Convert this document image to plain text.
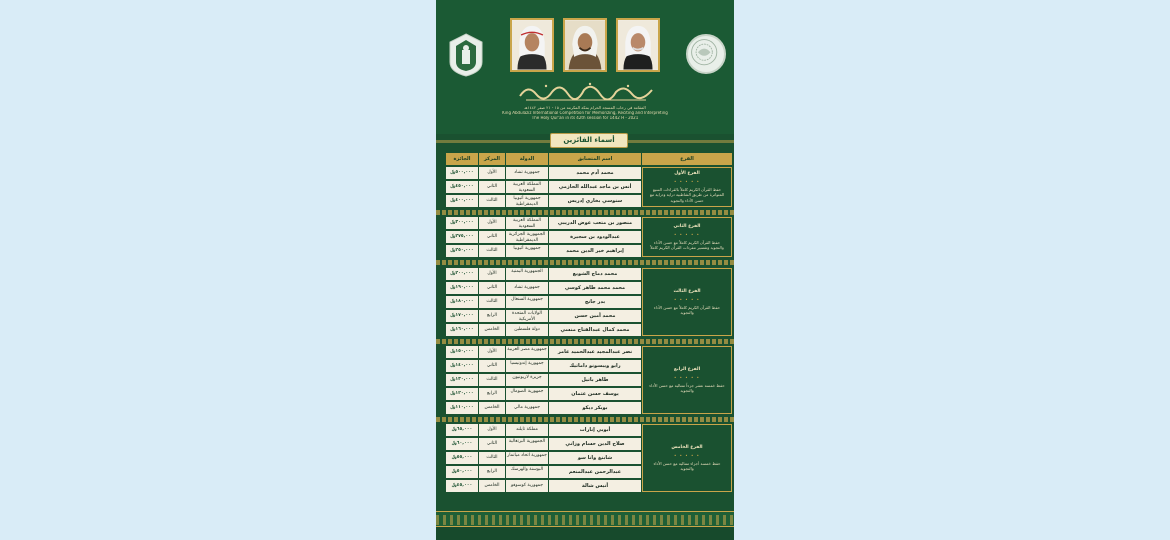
المقامة في رحاب المسجد الحرام بمكة المكرمة من ١٥ - ٢١ صفر ١٤٤٢هـ
King Abdulaziz International Competition for Memorizing, Reciting and Interpreting
The Holy Qur'an in its 42th session for 1442 H - 2021
أسماء الفائزين
الجائزة	المركز	الدولة	اسم المتسابق	الفرع
٥٠٠,٠٠٠﷼	الأول	جمهورية تشاد	محمد آدم محمد
٤٥٠,٠٠٠﷼	الثاني	المملكة العربية السعودية	أنس بن ماجد عبدالله الحازمي
٤٠٠,٠٠٠﷼	الثالث	جمهورية أثيوبيا الديمقراطية	سنوسي بخاري إدريس
الفرع الأول
• • • • •
حفظ القرآن الكريم كاملاً بالقراءات السبع المتواترة من طريق الشاطبية دراية ودراية مع حسن الأداء والتجويد
٣٠٠,٠٠٠﷼	الأول	المملكة العربية السعودية	منصور بن متعب عوض الدريبي
٢٧٥,٠٠٠﷼	الثاني	الجمهورية الجزائرية الديمقراطية	عبدالودود بن سجيرة
٢٥٠,٠٠٠﷼	الثالث	جمهورية أثيوبيا	إبراهيم خير الدين محمد
الفرع الثاني
• • • • •
حفظ القرآن الكريم كاملاً مع حسن الأداء والتجويد وتفسير مفردات القرآن الكريم كاملاً
٢٠٠,٠٠٠﷼	الأول	الجمهورية اليمنية	محمد دماج الشويع
١٩٠,٠٠٠﷼	الثاني	جمهورية تشاد	محمد محمد طاهر كوسي
١٨٠,٠٠٠﷼	الثالث	جمهورية السنغال	بدر جانج
١٧٠,٠٠٠﷼	الرابع	الولايات المتحدة الأمريكية	محمد أمين حسن
١٦٠,٠٠٠﷼	الخامس	دولة فلسطين	محمد كمال عبدالفتاح منسي
الفرع الثالث
• • • • •
حفظ القرآن الكريم كاملاً مع حسن الأداء والتجويد
١٥٠,٠٠٠﷼	الأول	جمهورية مصر العربية	نصر عبدالمجيد عبدالحميد عامر
١٤٠,٠٠٠﷼	الثاني	جمهورية إندونيسيا	رايو ويبسونو داماتيك
١٣٠,٠٠٠﷼	الثالث	جزيرة لاريونيون	طاهر باتيل
١٢٠,٠٠٠﷼	الرابع	جمهورية الصومال	يوسف حسن عثمان
١١٠,٠٠٠﷼	الخامس	جمهورية مالي	بوبكر ديكو
الفرع الرابع
• • • • •
حفظ خمسة عشر جزءاً متتالية مع حسن الأداء والتجويد
٦٥,٠٠٠﷼	الأول	مملكة تايلند	أبوبي إنارات
٦٠,٠٠٠﷼	الثاني	الجمهورية البرتغالية	صلاح الدين حسام وزاني
٥٥,٠٠٠﷼	الثالث	جمهورية اتحاد ميانمار	شابنغ وانا سو
٥٠,٠٠٠﷼	الرابع	البوسنة والهرسك	عبدالرحمن عبدالمنعم
٤٥,٠٠٠﷼	الخامس	جمهورية كوسوفو	أنيس شالة
الفرع الخامس
• • • • •
حفظ خمسة أجزاء متتالية مع حسن الأداء والتجويد
